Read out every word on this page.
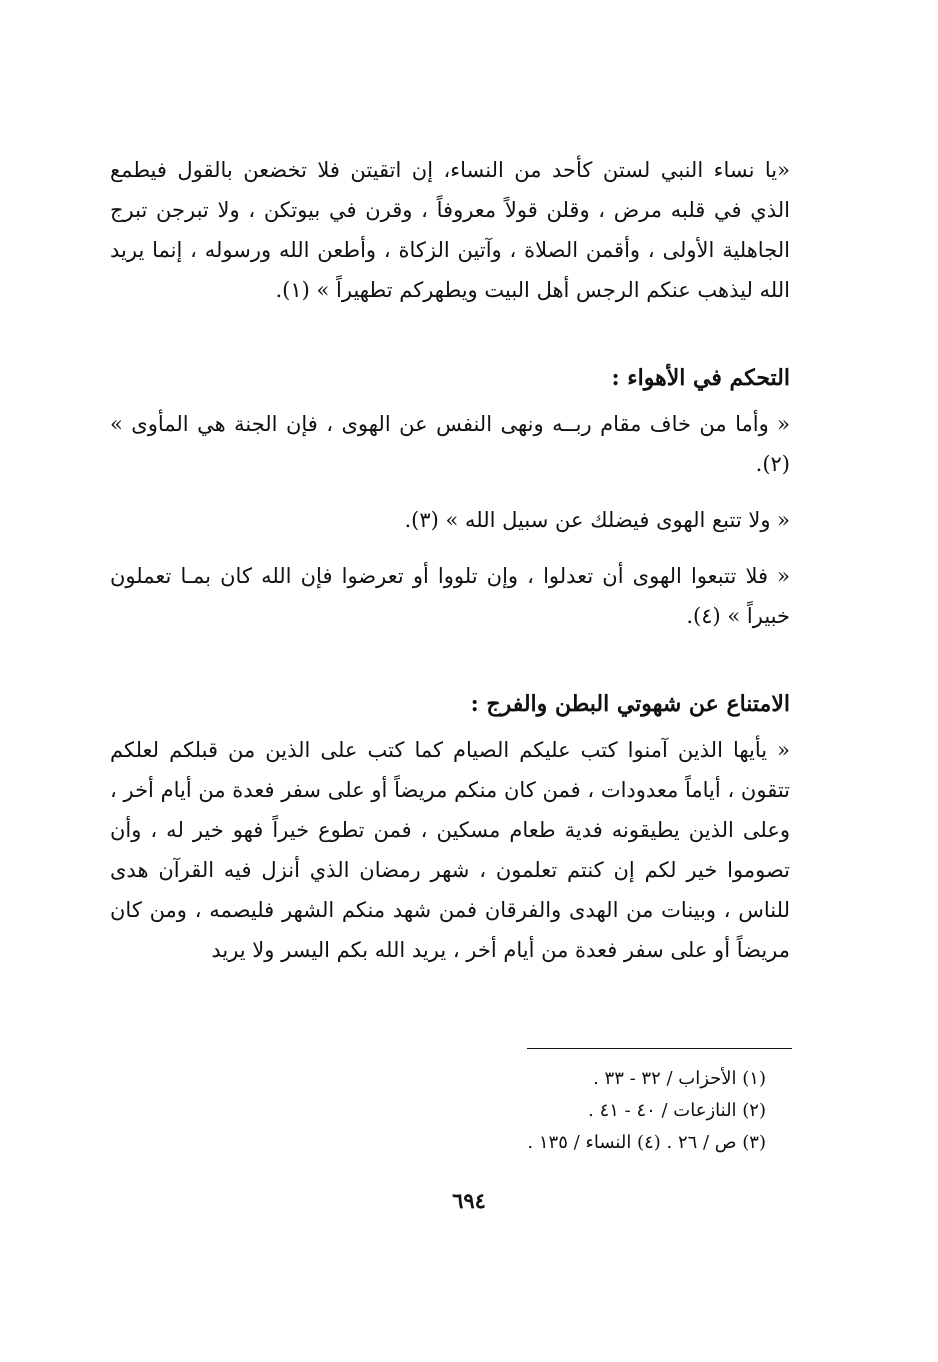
«يا نساء النبي لستن كأحد من النساء، إن اتقيتن فلا تخضعن بالقول فيطمع الذي في قلبه مرض ، وقلن قولاً معروفاً ، وقرن في بيوتكن ، ولا تبرجن تبرج الجاهلية الأولى ، وأقمن الصلاة ، وآتين الزكاة ، وأطعن الله ورسوله ، إنما يريد الله ليذهب عنكم الرجس أهل البيت ويطهركم تطهيراً » (١).

التحكم في الأهواء :

« وأما من خاف مقام ربــه ونهى النفس عن الهوى ، فإن الجنة هي المأوى » (٢).

« ولا تتبع الهوى فيضلك عن سبيل الله » (٣).

« فلا تتبعوا الهوى أن تعدلوا ، وإن تلووا أو تعرضوا فإن الله كان بمـا تعملون خبيراً » (٤).

الامتناع عن شهوتي البطن والفرج :

« يأيها الذين آمنوا كتب عليكم الصيام كما كتب على الذين من قبلكم لعلكم تتقون ، أياماً معدودات ، فمن كان منكم مريضاً أو على سفر فعدة من أيام أخر ، وعلى الذين يطيقونه فدية طعام مسكين ، فمن تطوع خيراً فهو خير له ، وأن تصوموا خير لكم إن كنتم تعلمون ، شهر رمضان الذي أنزل فيه القرآن هدى للناس ، وبينات من الهدى والفرقان فمن شهد منكم الشهر فليصمه ، ومن كان مريضاً أو على سفر فعدة من أيام أخر ، يريد الله بكم اليسر ولا يريد

(١) الأحزاب / ٣٢ - ٣٣ .
(٢) النازعات / ٤٠ - ٤١ .
(٣) ص / ٢٦ . (٤) النساء / ١٣٥ .
٦٩٤
